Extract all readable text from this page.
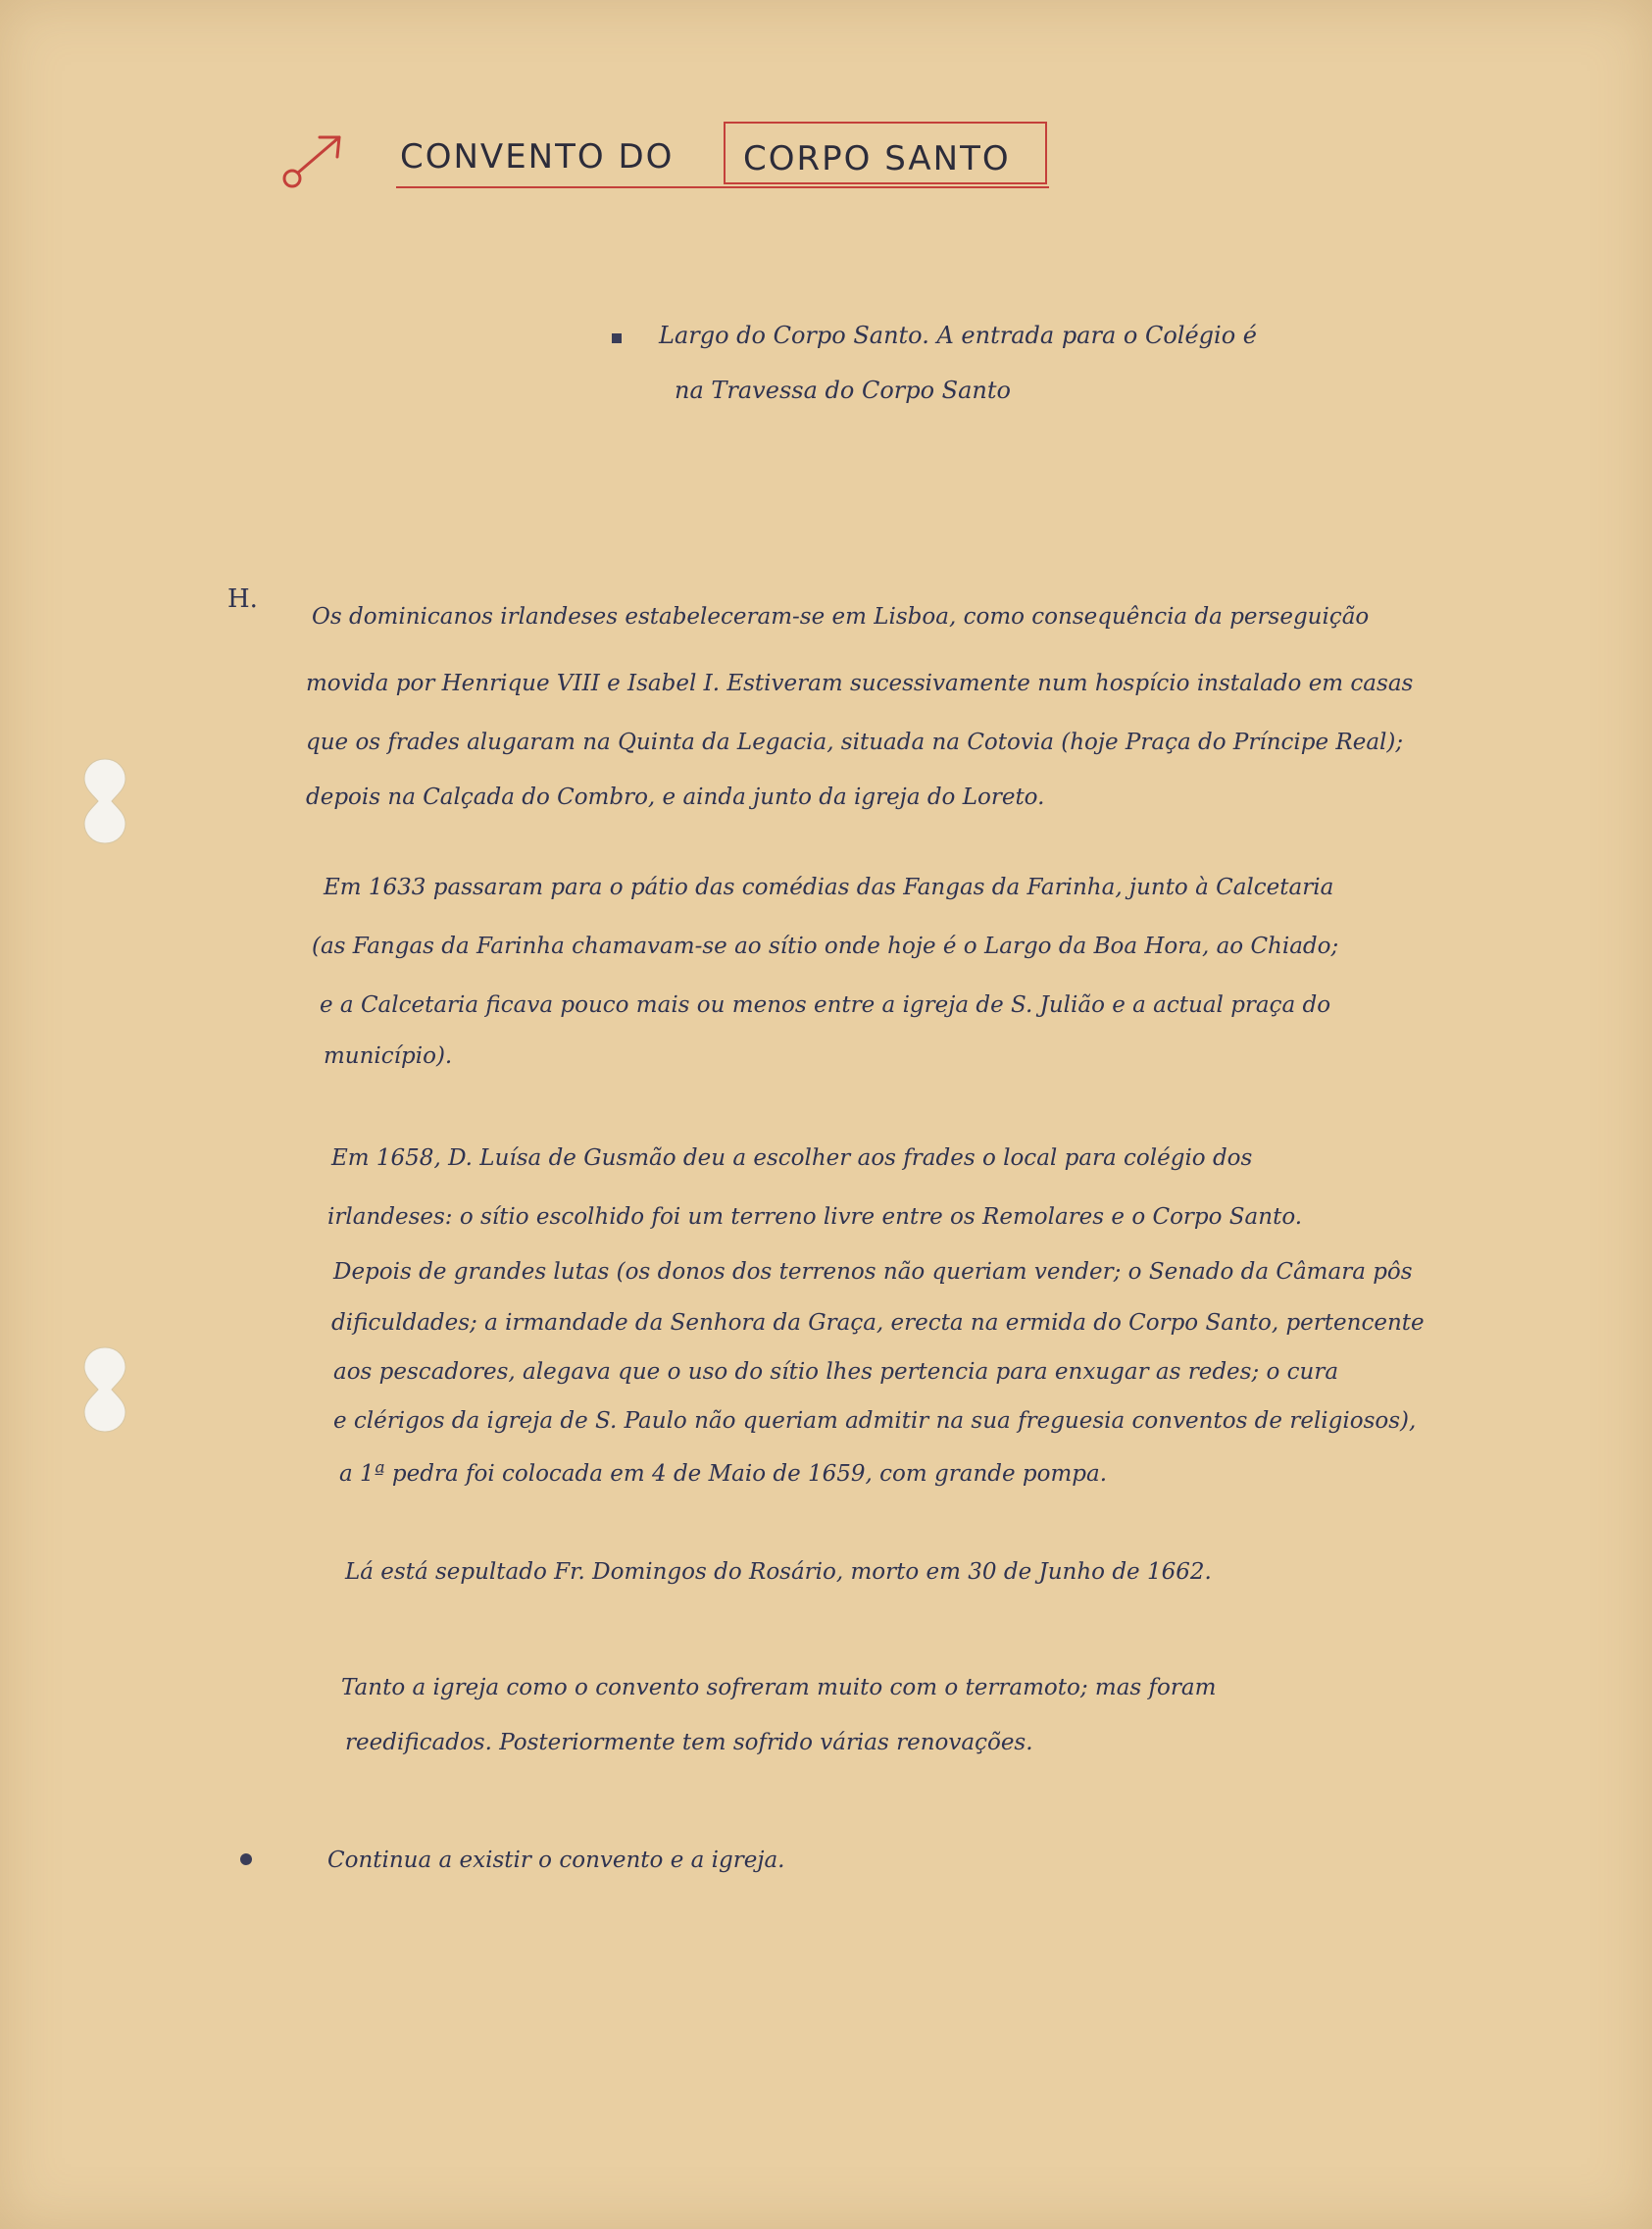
CONVENTO DO	CORPO SANTO
Largo do Corpo Santo. A entrada para o Colégio é
na Travessa do Corpo Santo
H.
Os dominicanos irlandeses estabeleceram-se em Lisboa, como consequência da perseguição
movida por Henrique VIII e Isabel I. Estiveram sucessivamente num hospício instalado em casas
que os frades alugaram na Quinta da Legacia, situada na Cotovia (hoje Praça do Príncipe Real);
depois na Calçada do Combro, e ainda junto da igreja do Loreto.
Em 1633 passaram para o pátio das comédias das Fangas da Farinha, junto à Calcetaria
(as Fangas da Farinha chamavam-se ao sítio onde hoje é o Largo da Boa Hora, ao Chiado;
e a Calcetaria ficava pouco mais ou menos entre a igreja de S. Julião e a actual praça do
município).
Em 1658, D. Luísa de Gusmão deu a escolher aos frades o local para colégio dos
irlandeses: o sítio escolhido foi um terreno livre entre os Remolares e o Corpo Santo.
Depois de grandes lutas (os donos dos terrenos não queriam vender; o Senado da Câmara pôs
dificuldades; a irmandade da Senhora da Graça, erecta na ermida do Corpo Santo, pertencente
aos pescadores, alegava que o uso do sítio lhes pertencia para enxugar as redes; o cura
e clérigos da igreja de S. Paulo não queriam admitir na sua freguesia conventos de religiosos),
a 1ª pedra foi colocada em 4 de Maio de 1659, com grande pompa.
Lá está sepultado Fr. Domingos do Rosário, morto em 30 de Junho de 1662.
Tanto a igreja como o convento sofreram muito com o terramoto; mas foram
reedificados. Posteriormente tem sofrido várias renovações.
Continua a existir o convento e a igreja.
